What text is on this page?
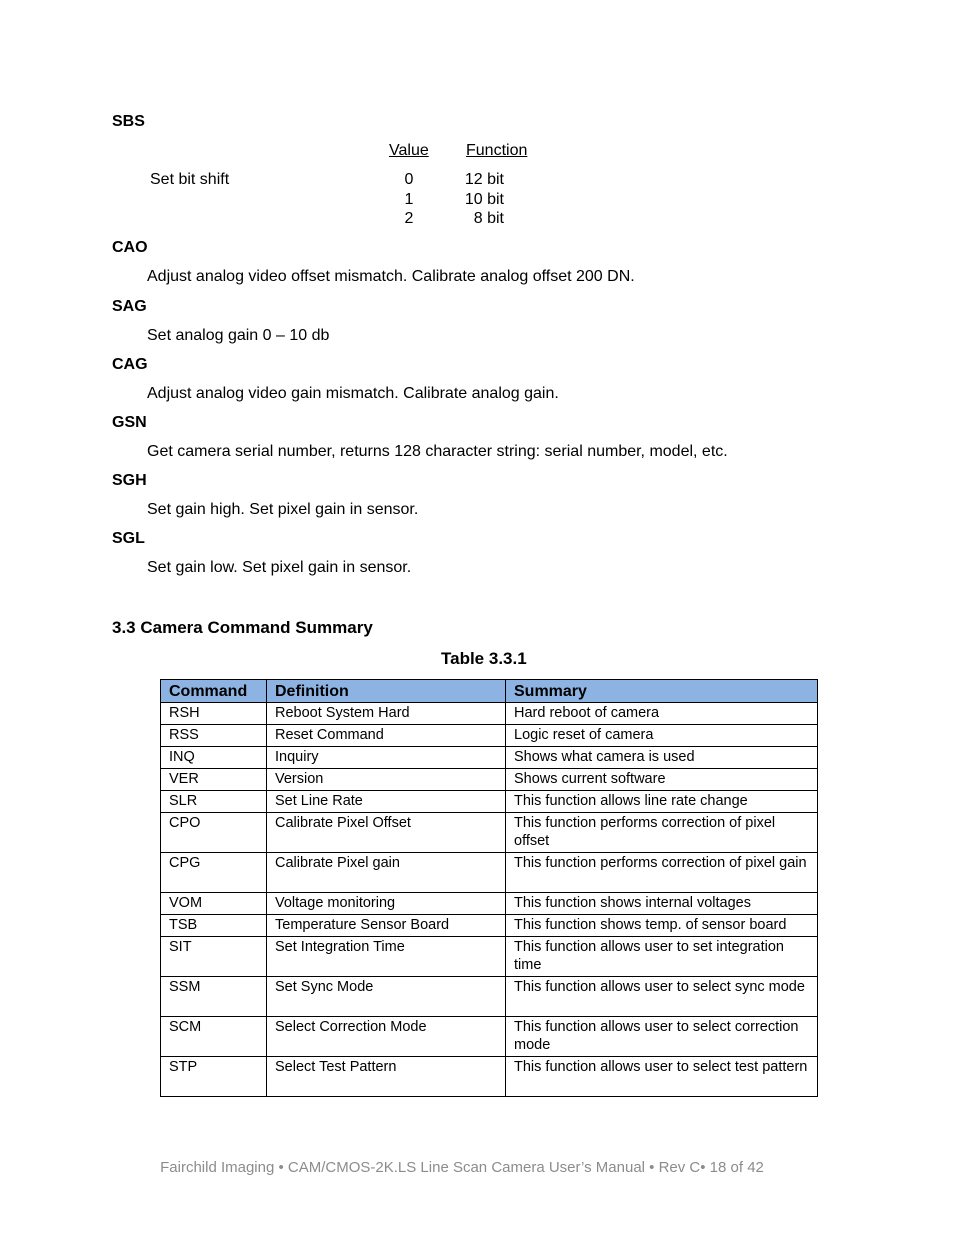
SBS
Value Function
Set bit shift	0	12 bit
1	10 bit
2	8 bit
CAO
Adjust analog video offset mismatch. Calibrate analog offset 200 DN.
SAG
Set analog gain 0 – 10 db
CAG
Adjust analog video gain mismatch. Calibrate analog gain.
GSN
Get camera serial number, returns 128 character string: serial number, model, etc.
SGH
Set gain high. Set pixel gain in sensor.
SGL
Set gain low. Set pixel gain in sensor.
3.3 Camera Command Summary
Table 3.3.1
Command	Definition	Summary
RSH	Reboot System Hard	Hard reboot of camera
RSS	Reset Command	Logic reset of camera
INQ	Inquiry	Shows what camera is used
VER	Version	Shows current software
SLR	Set Line Rate	This function allows line rate change
CPO	Calibrate Pixel Offset	This function performs correction of pixel offset
CPG	Calibrate Pixel gain	This function performs correction of pixel gain
VOM	Voltage monitoring	This function shows internal voltages
TSB	Temperature Sensor Board	This function shows temp. of sensor board
SIT	Set Integration Time	This function allows user to set integration time
SSM	Set Sync Mode	This function allows user to select sync mode
SCM	Select Correction Mode	This function allows user to select correction mode
STP	Select Test Pattern	This function allows user to select test pattern
Fairchild Imaging • CAM/CMOS-2K.LS Line Scan Camera User’s Manual • Rev C• 18 of 42
